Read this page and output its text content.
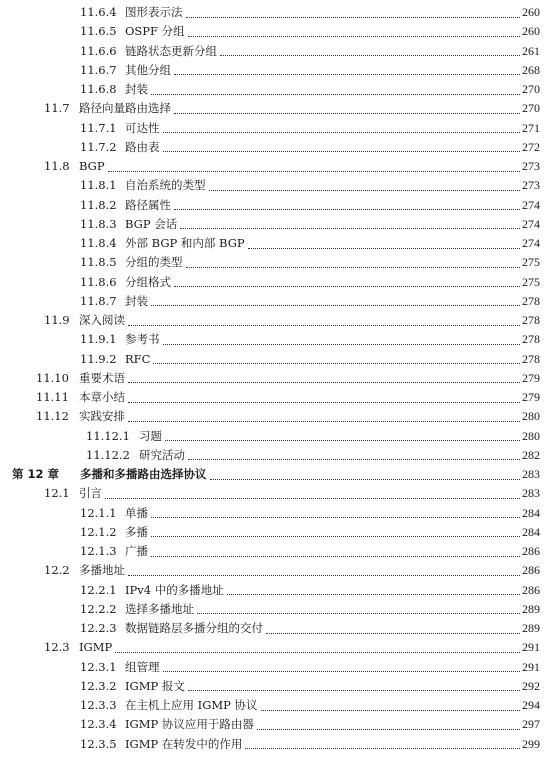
11.6.4 图形表示法	260
11.6.5 OSPF 分组	260
11.6.6 链路状态更新分组	261
11.6.7 其他分组	268
11.6.8 封装	270
11.7 路径向量路由选择	270
11.7.1 可达性	271
11.7.2 路由表	272
11.8 BGP	273
11.8.1 自治系统的类型	273
11.8.2 路径属性	274
11.8.3 BGP 会话	274
11.8.4 外部 BGP 和内部 BGP	274
11.8.5 分组的类型	275
11.8.6 分组格式	275
11.8.7 封装	278
11.9 深入阅读	278
11.9.1 参考书	278
11.9.2 RFC	278
11.10 重要术语	279
11.11 本章小结	279
11.12 实践安排	280
11.12.1 习题	280
11.12.2 研究活动	282
第 12 章	多播和多播路由选择协议	283
12.1 引言	283
12.1.1 单播	284
12.1.2 多播	284
12.1.3 广播	286
12.2 多播地址	286
12.2.1 IPv4 中的多播地址	286
12.2.2 选择多播地址	289
12.2.3 数据链路层多播分组的交付	289
12.3 IGMP	291
12.3.1 组管理	291
12.3.2 IGMP 报文	292
12.3.3 在主机上应用 IGMP 协议	294
12.3.4 IGMP 协议应用于路由器	297
12.3.5 IGMP 在转发中的作用	299
